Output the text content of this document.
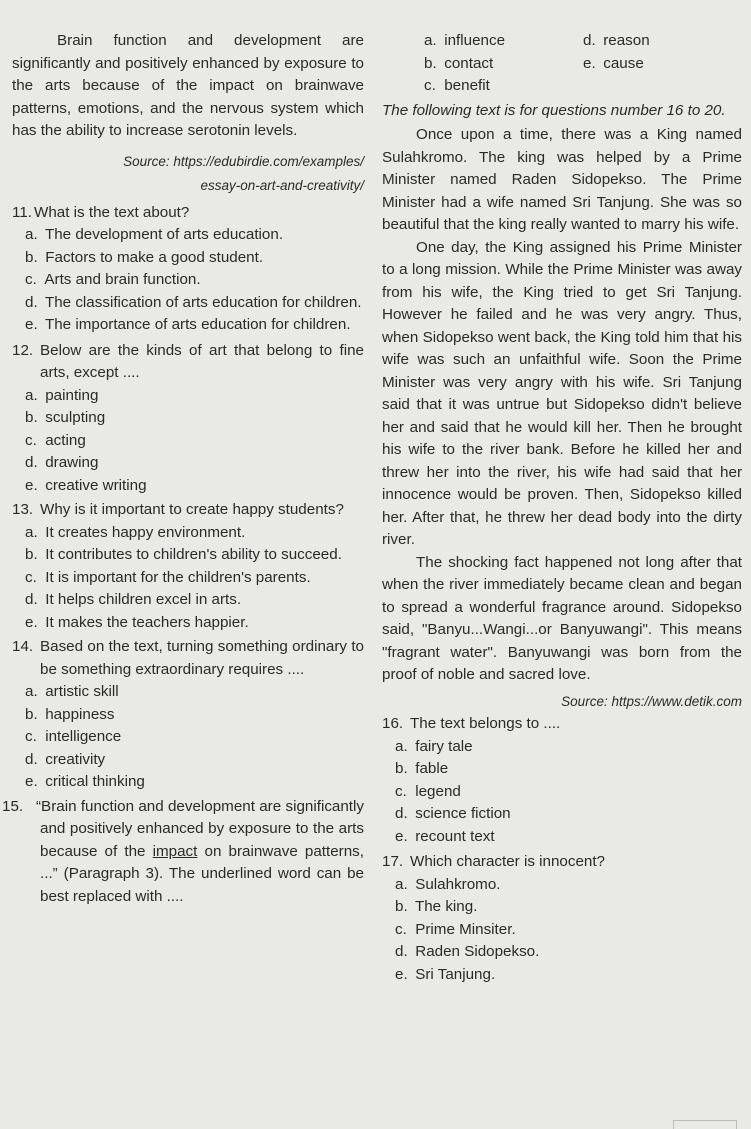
Brain function and development are significantly and positively enhanced by exposure to the arts because of the impact on brainwave patterns, emotions, and the nervous system which has the ability to increase serotonin levels.

Source: https://edubirdie.com/examples/
essay-on-art-and-creativity/

11. What is the text about?

a. The development of arts education.
b. Factors to make a good student.
c. Arts and brain function.
d. The classification of arts education for children.
e. The importance of arts education for children.

12. Below are the kinds of art that belong to fine arts, except ....

a. painting
b. sculpting
c. acting
d. drawing
e. creative writing

13. Why is it important to create happy students?

a. It creates happy environment.
b. It contributes to children's ability to succeed.
c. It is important for the children's parents.
d. It helps children excel in arts.
e. It makes the teachers happier.

14. Based on the text, turning something ordinary to be something extraordinary requires ....

a. artistic skill
b. happiness
c. intelligence
d. creativity
e. critical thinking

15. “Brain function and development are significantly and positively enhanced by exposure to the arts because of the impact on brainwave patterns, ...” (Paragraph 3). The underlined word can be best replaced with ....

a. influence	d. reason
b. contact	e. cause
c. benefit

The following text is for questions number 16 to 20.

Once upon a time, there was a King named Sulahkromo. The king was helped by a Prime Minister named Raden Sidopekso. The Prime Minister had a wife named Sri Tanjung. She was so beautiful that the king really wanted to marry his wife.

One day, the King assigned his Prime Minister to a long mission. While the Prime Minister was away from his wife, the King tried to get Sri Tanjung. However he failed and he was very angry. Thus, when Sidopekso went back, the King told him that his wife was such an unfaithful wife. Soon the Prime Minister was very angry with his wife. Sri Tanjung said that it was untrue but Sidopekso didn't believe her and said that he would kill her. Then he brought his wife to the river bank. Before he killed her and threw her into the river, his wife had said that her innocence would be proven. Then, Sidopekso killed her. After that, he threw her dead body into the dirty river.

The shocking fact happened not long after that when the river immediately became clean and began to spread a wonderful fragrance around. Sidopekso said, "Banyu...Wangi...or Banyuwangi". This means "fragrant water". Banyuwangi was born from the proof of noble and sacred love.

Source: https://www.detik.com

16. The text belongs to ....

a. fairy tale
b. fable
c. legend
d. science fiction
e. recount text

17. Which character is innocent?

a. Sulahkromo.
b. The king.
c. Prime Minsiter.
d. Raden Sidopekso.
e. Sri Tanjung.
